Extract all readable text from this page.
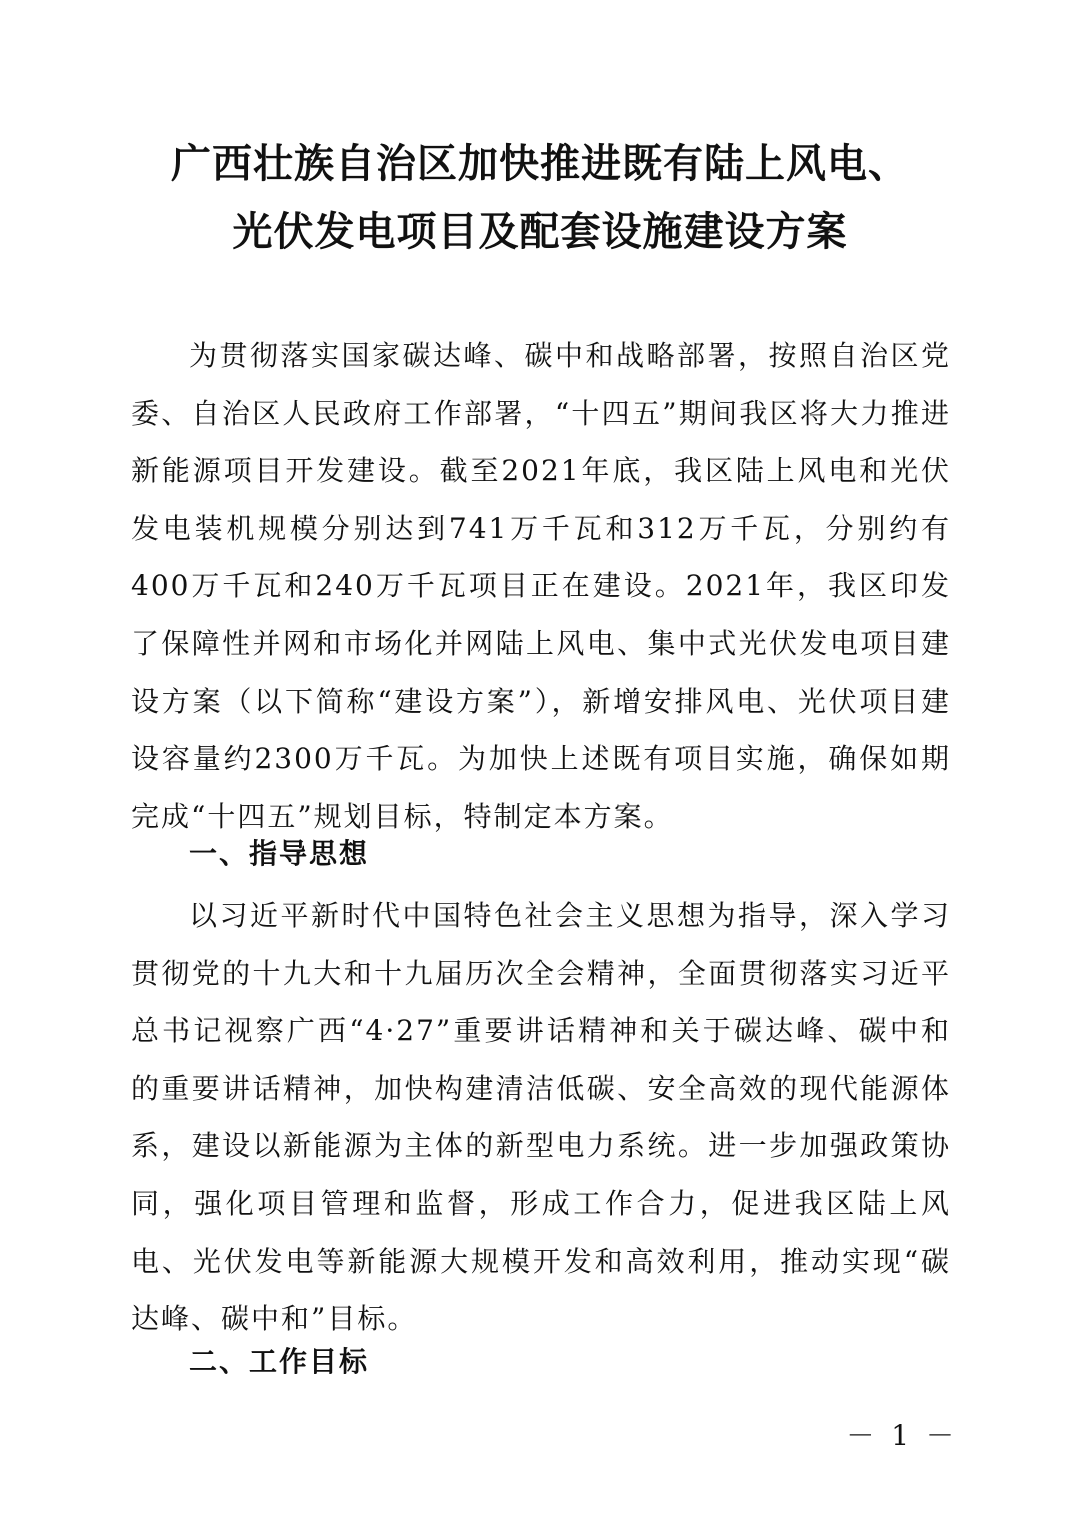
广西壮族自治区加快推进既有陆上风电、
光伏发电项目及配套设施建设方案

为贯彻落实国家碳达峰、碳中和战略部署，按照自治区党委、自治区人民政府工作部署，“十四五”期间我区将大力推进新能源项目开发建设。截至2021年底，我区陆上风电和光伏发电装机规模分别达到741万千瓦和312万千瓦，分别约有400万千瓦和240万千瓦项目正在建设。2021年，我区印发了保障性并网和市场化并网陆上风电、集中式光伏发电项目建设方案（以下简称“建设方案”），新增安排风电、光伏项目建设容量约2300万千瓦。为加快上述既有项目实施，确保如期完成“十四五”规划目标，特制定本方案。

一、指导思想

以习近平新时代中国特色社会主义思想为指导，深入学习贯彻党的十九大和十九届历次全会精神，全面贯彻落实习近平总书记视察广西“4·27”重要讲话精神和关于碳达峰、碳中和的重要讲话精神，加快构建清洁低碳、安全高效的现代能源体系，建设以新能源为主体的新型电力系统。进一步加强政策协同，强化项目管理和监督，形成工作合力，促进我区陆上风电、光伏发电等新能源大规模开发和高效利用，推动实现“碳达峰、碳中和”目标。

二、工作目标
－ 1 －
